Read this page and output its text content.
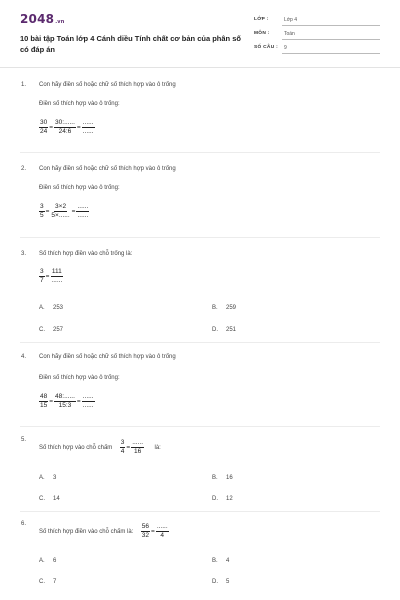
2048.vn
10 bài tập Toán lớp 4 Cánh diều Tính chất cơ bản của phân số có đáp án
LỚP :	Lớp 4
MÔN :	Toán
SỐ CÂU : 9
1. Con hãy điền số hoặc chữ số thích hợp vào ô trống
Điền số thích hợp vào ô trống:
$\frac{30}{24} = \frac{30:......}{24:6} = \frac{......}{......}$
2. Con hãy điền số hoặc chữ số thích hợp vào ô trống
Điền số thích hợp vào ô trống:
$\frac{3}{5} = \frac{3\times 2}{5\times......} = \frac{......}{......}$
3. Số thích hợp điền vào chỗ trống là:
$\frac{3}{7} = \frac{111}{......}$
A. 253	B. 259
C. 257	D. 251
4. Con hãy điền số hoặc chữ số thích hợp vào ô trống
Điền số thích hợp vào ô trống:
$\frac{48}{15} = \frac{48:......}{15:3} = \frac{......}{......}$
5.
Số thích hợp vào chỗ chấm $\frac{3}{4} = \frac{......}{16}$ là:
A. 3	B. 16
C. 14	D. 12
6.
Số thích hợp điền vào chỗ chấm là: $\frac{56}{32} = \frac{......}{4}$
A. 6	B. 4
C. 7	D. 5
